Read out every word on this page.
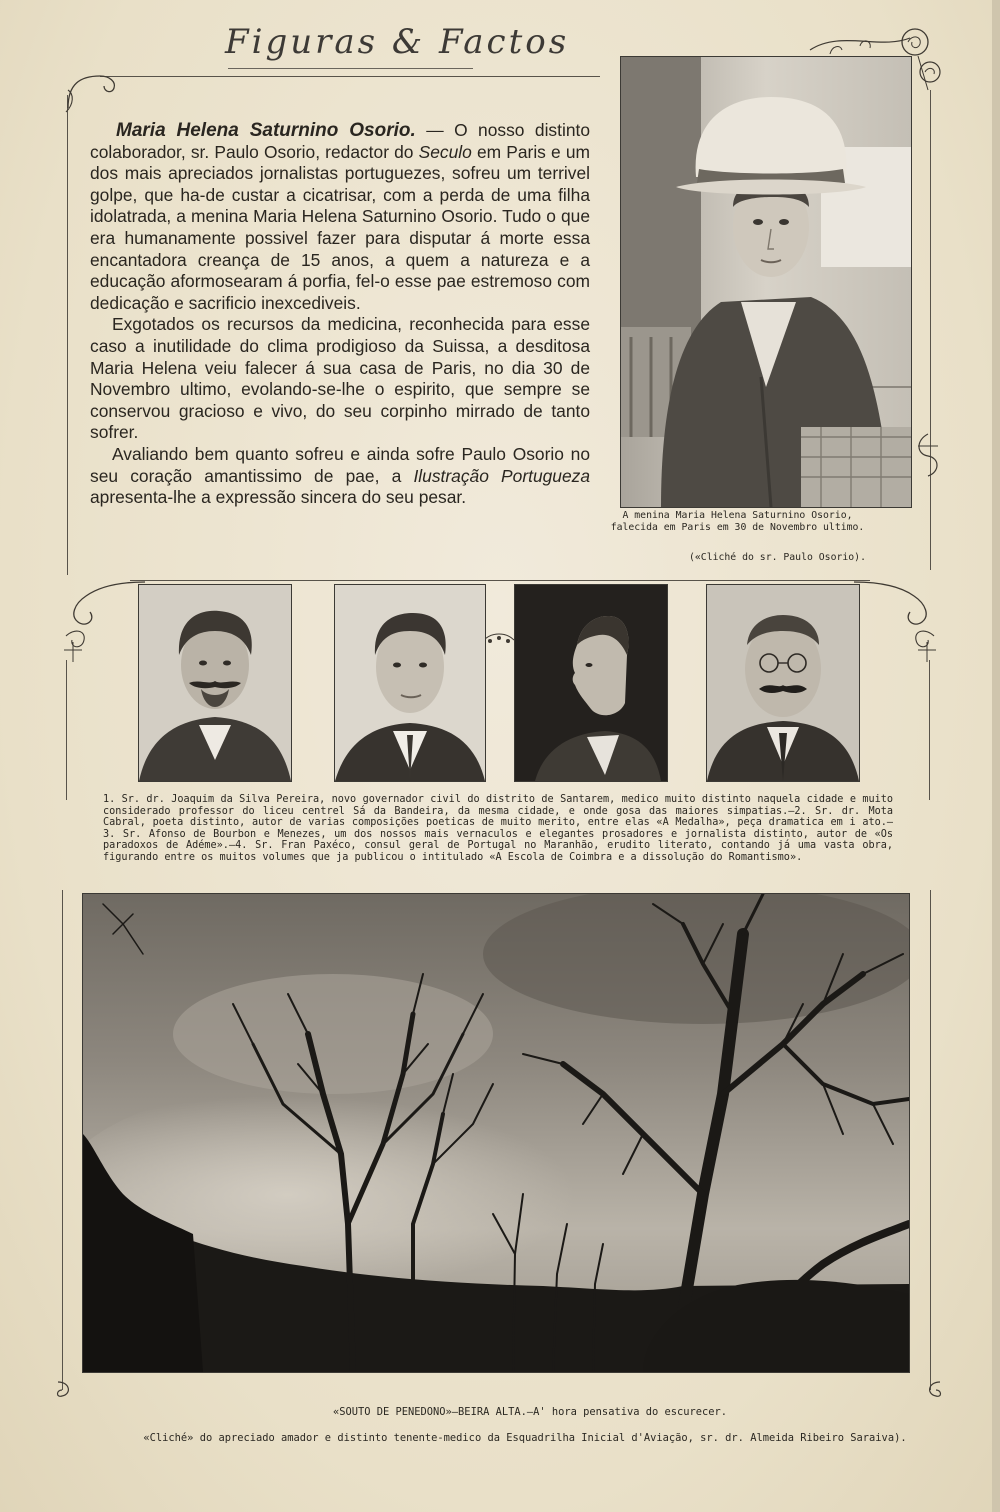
Figuras & Factos

Maria Helena Saturnino Osorio. — O nosso distinto colaborador, sr. Paulo Osorio, redactor do Seculo em Paris e um dos mais apreciados jornalistas portuguezes, sofreu um terrivel golpe, que ha-de custar a cicatrisar, com a perda de uma filha idolatrada, a menina Maria Helena Saturnino Osorio. Tudo o que era humanamente possivel fazer para disputar á morte essa encantadora creança de 15 anos, a quem a natureza e a educação aformosearam á porfia, fel-o esse pae estremoso com dedicação e sacrificio inexcediveis.

Exgotados os recursos da medicina, reconhecida para esse caso a inutilidade do clima prodigioso da Suissa, a desditosa Maria Helena veiu falecer á sua casa de Paris, no dia 30 de Novembro ultimo, evolando-se-lhe o espirito, que sempre se conservou gracioso e vivo, do seu corpinho mirrado de tanto sofrer.

Avaliando bem quanto sofreu e ainda sofre Paulo Osorio no seu coração amantissimo de pae, a Ilustração Portugueza apresenta-lhe a expressão sincera do seu pesar.

A menina Maria Helena Saturnino Osorio, falecida em Paris em 30 de Novembro ultimo.
(«Cliché do sr. Paulo Osorio).
1. Sr. dr. Joaquim da Silva Pereira, novo governador civil do distrito de Santarem, medico muito distinto naquela cidade e muito considerado professor do liceu centrel Sá da Bandeira, da mesma cidade, e onde gosa das maiores simpatias.—2. Sr. dr. Mota Cabral, poeta distinto, autor de varias composições poeticas de muito merito, entre elas «A Medalha», peça dramatica em i ato.—3. Sr. Afonso de Bourbon e Menezes, um dos nossos mais vernaculos e elegantes prosadores e jornalista distinto, autor de «Os paradoxos de Adéme».—4. Sr. Fran Paxéco, consul geral de Portugal no Maranhão, erudito literato, contando já uma vasta obra, figurando entre os muitos volumes que ja publicou o intitulado «A Escola de Coimbra e a dissolução do Romantismo».
«SOUTO DE PENEDONO»—BEIRA ALTA.—A' hora pensativa do escurecer.
«Cliché» do apreciado amador e distinto tenente-medico da Esquadrilha Inicial d'Aviação, sr. dr. Almeida Ribeiro Saraiva).
